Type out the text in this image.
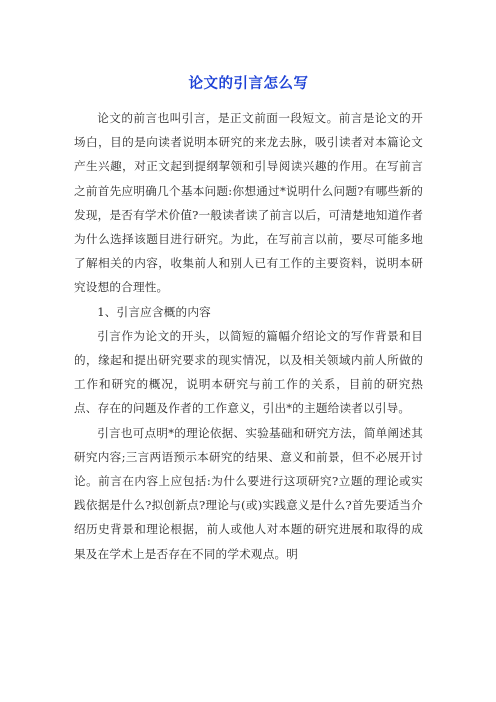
论文的引言怎么写

论文的前言也叫引言，是正文前面一段短文。前言是论文的开场白，目的是向读者说明本研究的来龙去脉，吸引读者对本篇论文产生兴趣，对正文起到提纲挈领和引导阅读兴趣的作用。在写前言之前首先应明确几个基本问题:你想通过*说明什么问题?有哪些新的发现，是否有学术价值?一般读者读了前言以后，可清楚地知道作者为什么选择该题目进行研究。为此，在写前言以前，要尽可能多地了解相关的内容，收集前人和别人已有工作的主要资料，说明本研究设想的合理性。

1、引言应含概的内容

引言作为论文的开头，以简短的篇幅介绍论文的写作背景和目的，缘起和提出研究要求的现实情况，以及相关领域内前人所做的工作和研究的概况，说明本研究与前工作的关系，目前的研究热点、存在的问题及作者的工作意义，引出*的主题给读者以引导。

引言也可点明*的理论依据、实验基础和研究方法，简单阐述其研究内容;三言两语预示本研究的结果、意义和前景，但不必展开讨论。前言在内容上应包括:为什么要进行这项研究?立题的理论或实践依据是什么?拟创新点?理论与(或)实践意义是什么?首先要适当介绍历史背景和理论根据，前人或他人对本题的研究进展和取得的成果及在学术上是否存在不同的学术观点。明
